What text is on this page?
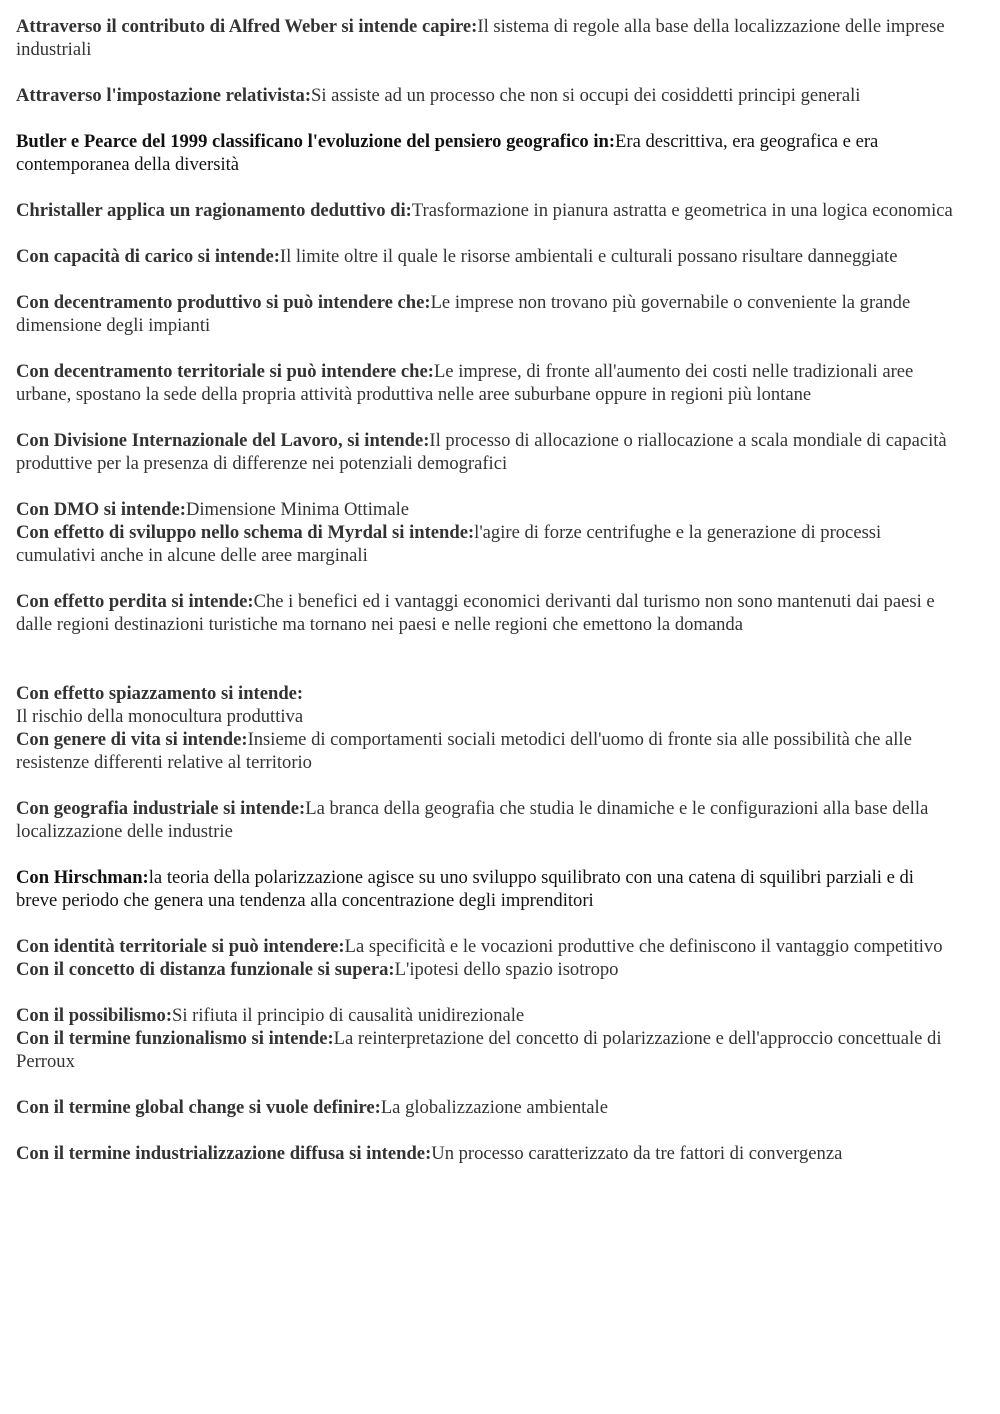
Attraverso il contributo di Alfred Weber si intende capire:Il sistema di regole alla base della localizzazione delle imprese industriali

Attraverso l'impostazione relativista:Si assiste ad un processo che non si occupi dei cosiddetti principi generali

Butler e Pearce del 1999 classificano l'evoluzione del pensiero geografico in:Era descrittiva, era geografica e era contemporanea della diversità

Christaller applica un ragionamento deduttivo di:Trasformazione in pianura astratta e geometrica in una logica economica

Con capacità di carico si intende:Il limite oltre il quale le risorse ambientali e culturali possano risultare danneggiate

Con decentramento produttivo si può intendere che:Le imprese non trovano più governabile o conveniente la grande dimensione degli impianti

Con decentramento territoriale si può intendere che:Le imprese, di fronte all'aumento dei costi nelle tradizionali aree urbane, spostano la sede della propria attività produttiva nelle aree suburbane oppure in regioni più lontane

Con Divisione Internazionale del Lavoro, si intende:Il processo di allocazione o riallocazione a scala mondiale di capacità produttive per la presenza di differenze nei potenziali demografici

Con DMO si intende:Dimensione Minima Ottimale

Con effetto di sviluppo nello schema di Myrdal si intende:l'agire di forze centrifughe e la generazione di processi cumulativi anche in alcune delle aree marginali

Con effetto perdita si intende:Che i benefici ed i vantaggi economici derivanti dal turismo non sono mantenuti dai paesi e dalle regioni destinazioni turistiche ma tornano nei paesi e nelle regioni che emettono la domanda

Con effetto spiazzamento si intende:
Il rischio della monocultura produttiva

Con genere di vita si intende:Insieme di comportamenti sociali metodici dell'uomo di fronte sia alle possibilità che alle resistenze differenti relative al territorio

Con geografia industriale si intende:La branca della geografia che studia le dinamiche e le configurazioni alla base della localizzazione delle industrie

Con Hirschman:la teoria della polarizzazione agisce su uno sviluppo squilibrato con una catena di squilibri parziali e di breve periodo che genera una tendenza alla concentrazione degli imprenditori

Con identità territoriale si può intendere:La specificità e le vocazioni produttive che definiscono il vantaggio competitivo

Con il concetto di distanza funzionale si supera:L'ipotesi dello spazio isotropo

Con il possibilismo:Si rifiuta il principio di causalità unidirezionale

Con il termine funzionalismo si intende:La reinterpretazione del concetto di polarizzazione e dell'approccio concettuale di Perroux

Con il termine global change si vuole definire:La globalizzazione ambientale

Con il termine industrializzazione diffusa si intende:Un processo caratterizzato da tre fattori di convergenza
